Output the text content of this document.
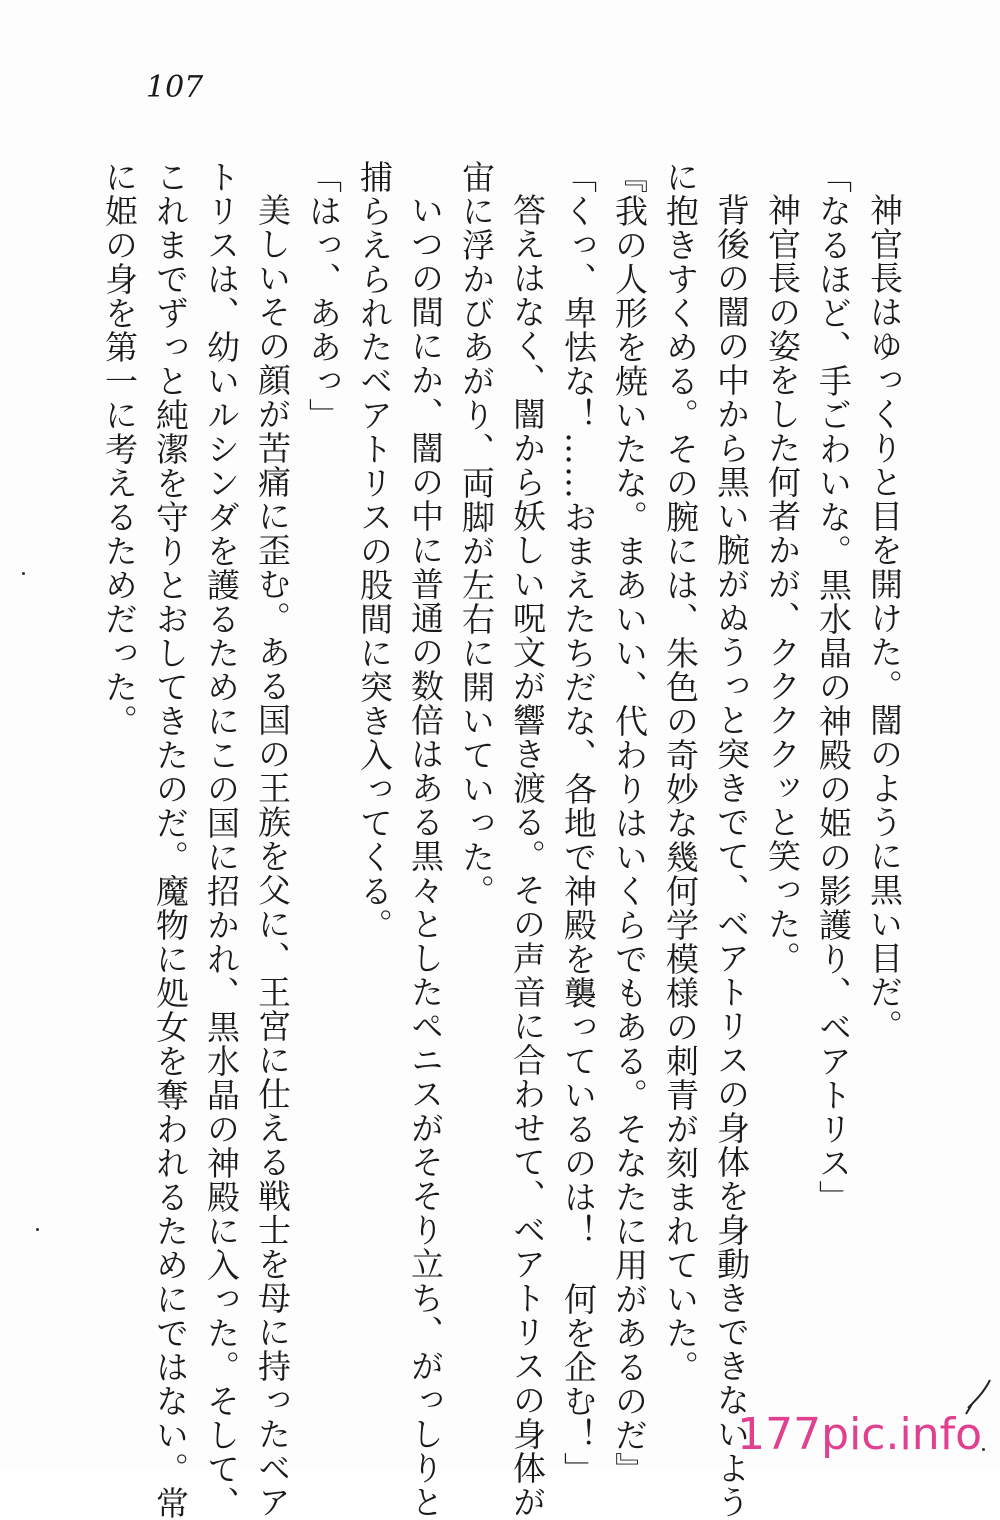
107
神官長はゆっくりと目を開けた。闇のように黒い目だ。
「なるほど、手ごわいな。黒水晶の神殿の姫の影護り、ベアトリス」
神官長の姿をした何者かが、ククククッと笑った。
背後の闇の中から黒い腕がぬうっと突きでて、ベアトリスの身体を身動きできないよう
に抱きすくめる。その腕には、朱色の奇妙な幾何学模様の刺青が刻まれていた。
『我の人形を焼いたな。まあいい、代わりはいくらでもある。そなたに用があるのだ』
「くっ、卑怯な！……おまえたちだな、各地で神殿を襲っているのは！　何を企む！」
答えはなく、闇から妖しい呪文が響き渡る。その声音に合わせて、ベアトリスの身体が
宙に浮かびあがり、両脚が左右に開いていった。
いつの間にか、闇の中に普通の数倍はある黒々としたペニスがそそり立ち、がっしりと
捕らえられたベアトリスの股間に突き入ってくる。
「はっ、ああっ」
美しいその顔が苦痛に歪む。ある国の王族を父に、王宮に仕える戦士を母に持ったベア
トリスは、幼いルシンダを護るためにこの国に招かれ、黒水晶の神殿に入った。そして、
これまでずっと純潔を守りとおしてきたのだ。魔物に処女を奪われるためにではない。常
に姫の身を第一に考えるためだった。
177pic.info
